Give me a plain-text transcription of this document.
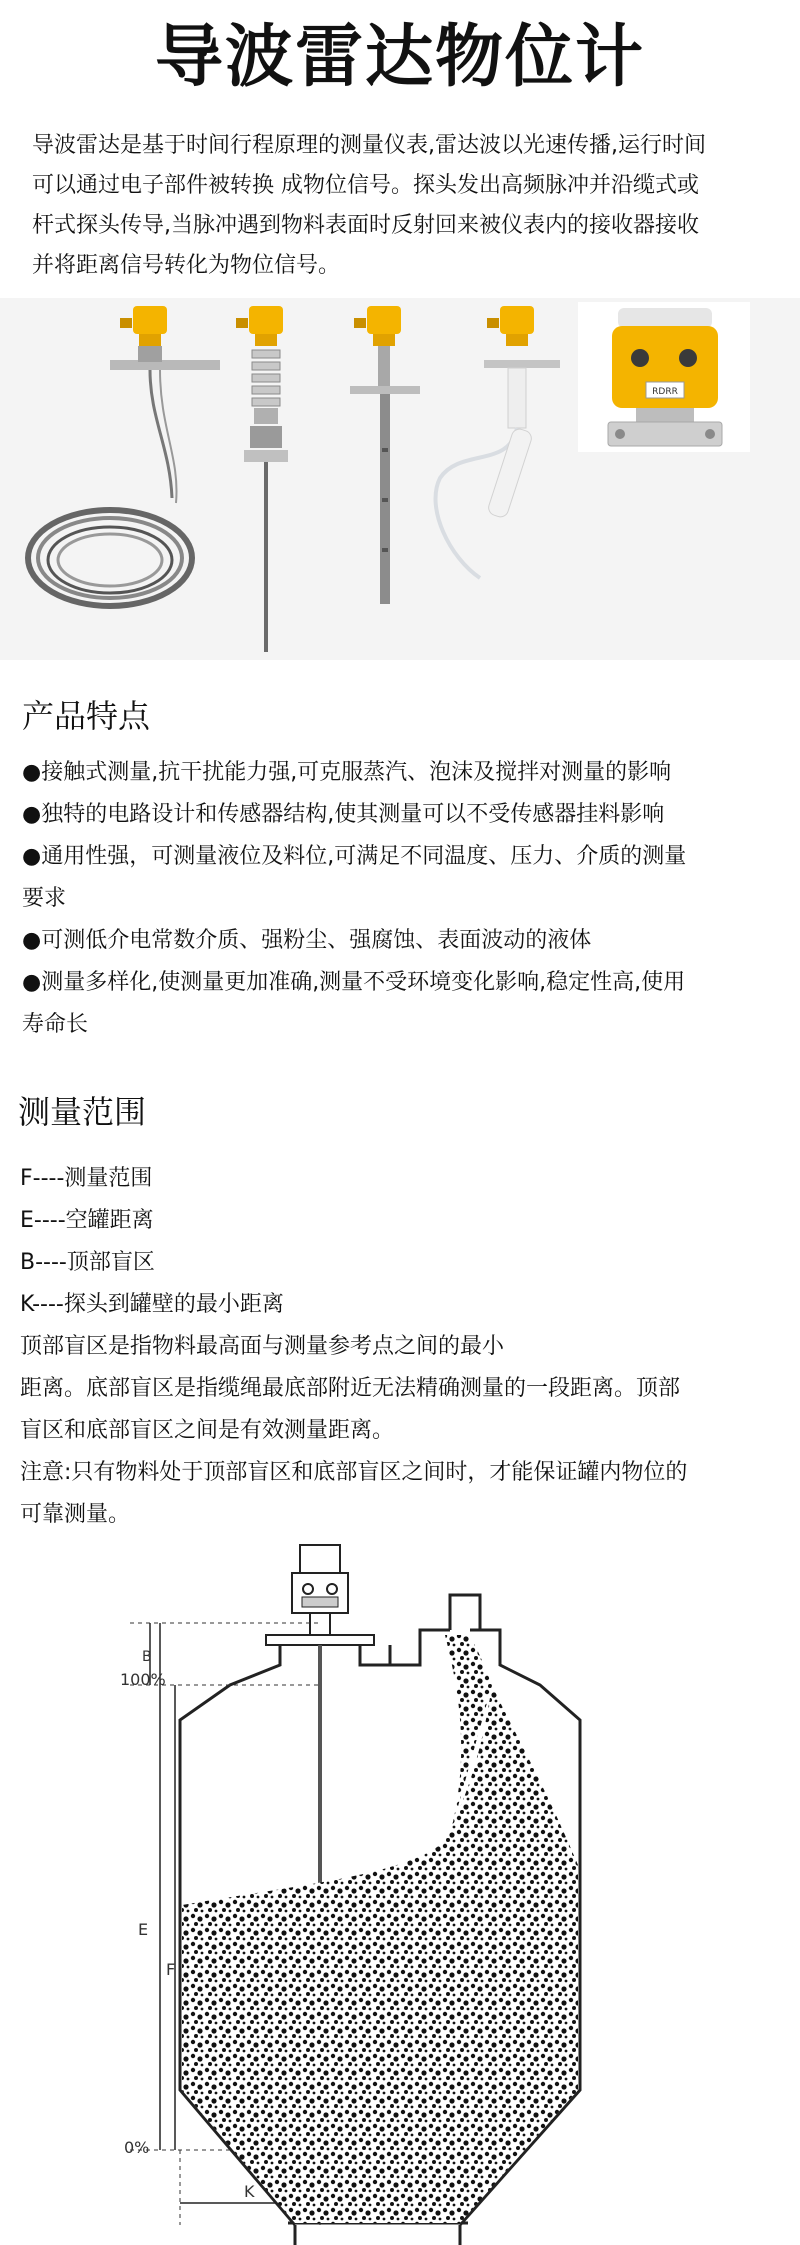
导波雷达物位计
导波雷达是基于时间行程原理的测量仪表,雷达波以光速传播,运行时间
可以通过电子部件被转换 成物位信号。探头发出高频脉冲并沿缆式或
杆式探头传导,当脉冲遇到物料表面时反射回来被仪表内的接收器接收
并将距离信号转化为物位信号。
RDRR
产品特点
●接触式测量,抗干扰能力强,可克服蒸汽、泡沫及搅拌对测量的影响
●独特的电路设计和传感器结构,使其测量可以不受传感器挂料影响
●通用性强，可测量液位及料位,可满足不同温度、压力、介质的测量
要求
●可测低介电常数介质、强粉尘、强腐蚀、表面波动的液体
●测量多样化,使测量更加准确,测量不受环境变化影响,稳定性高,使用
寿命长
测量范围
F----测量范围
E----空罐距离
B----顶部盲区
K----探头到罐壁的最小距离
顶部盲区是指物料最高面与测量参考点之间的最小
距离。底部盲区是指缆绳最底部附近无法精确测量的一段距离。顶部
盲区和底部盲区之间是有效测量距离。
注意:只有物料处于顶部盲区和底部盲区之间时，才能保证罐内物位的
可靠测量。
100%
0%
B
E
F
K
